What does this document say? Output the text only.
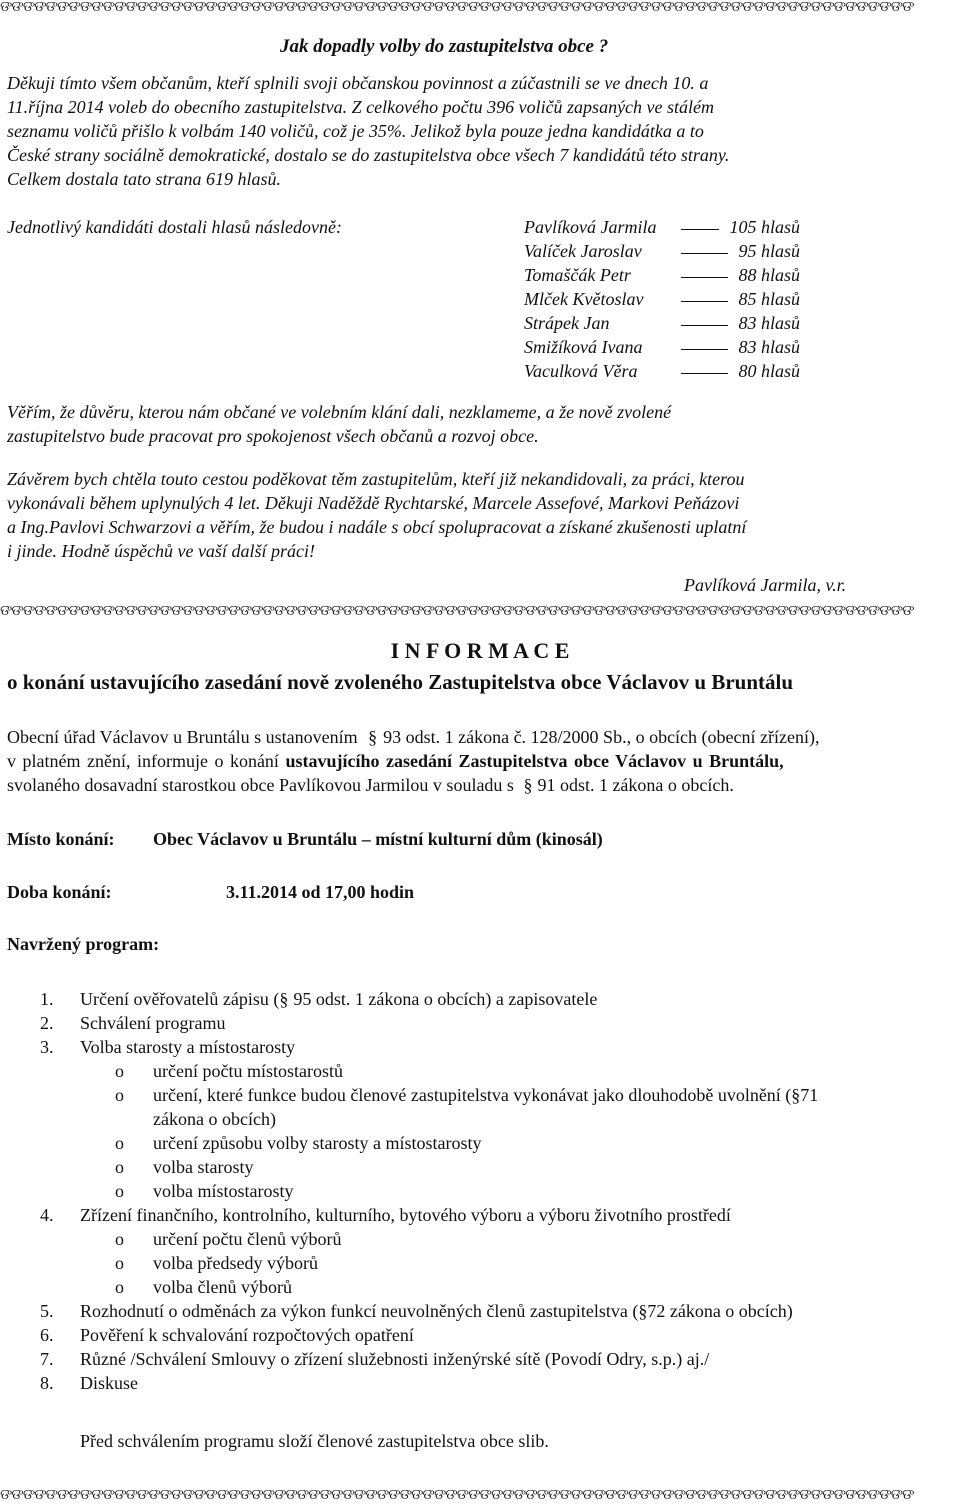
ଙଙଙଙଙଙଙଙଙଙଙଙଙଙଙଙଙଙଙଙଙଙଙଙଙଙଙଙଙଙଙଙଙଙଙଙଙଙଙଙଙଙଙଙଙଙଙଙଙଙଙଙଙଙଙଙଙଙଙଙଙଙଙଙଙଙଙଙଙଙଙଙଙଙଙଙଙଙଙଙ
ଙଙଙଙଙଙଙଙଙଙଙଙଙଙଙଙଙଙଙଙଙଙଙଙଙଙଙଙଙଙଙଙଙଙଙଙଙଙଙଙଙଙଙଙଙଙଙଙଙଙଙଙଙଙଙଙଙଙଙଙଙଙଙଙଙଙଙଙଙଙଙଙଙଙଙଙଙଙଙଙ
ଙଙଙଙଙଙଙଙଙଙଙଙଙଙଙଙଙଙଙଙଙଙଙଙଙଙଙଙଙଙଙଙଙଙଙଙଙଙଙଙଙଙଙଙଙଙଙଙଙଙଙଙଙଙଙଙଙଙଙଙଙଙଙଙଙଙଙଙଙଙଙଙଙଙଙଙଙଙଙଙ
Jak dopadly volby do zastupitelstva obce ?
Děkuji tímto všem občanům, kteří splnili svoji občanskou povinnost a zúčastnili se ve dnech 10. a
11.října 2014 voleb do obecního zastupitelstva. Z celkového počtu 396 voličů zapsaných ve stálém
seznamu voličů přišlo k volbám 140 voličů, což je 35%. Jelikož byla pouze jedna kandidátka a to
České strany sociálně demokratické, dostalo se do zastupitelstva obce všech 7 kandidátů této strany.
Celkem dostala tato strana 619 hlasů.
Jednotlivý kandidáti dostali hlasů následovně:	Pavlíková Jarmila	105 hlasů
Valíček Jaroslav	95 hlasů
Tomaščák Petr	88 hlasů
Mlček Květoslav	85 hlasů
Strápek Jan	83 hlasů
Smižíková Ivana	83 hlasů
Vaculková Věra	80 hlasů
Věřím, že důvěru, kterou nám občané ve volebním klání dali, nezklameme, a že nově zvolené
zastupitelstvo bude pracovat pro spokojenost všech občanů a rozvoj obce.
Závěrem bych chtěla touto cestou poděkovat těm zastupitelům, kteří již nekandidovali, za práci, kterou
vykonávali během uplynulých 4 let. Děkuji Naděždě Rychtarské, Marcele Assefové, Markovi Peňázovi
a Ing.Pavlovi Schwarzovi a věřím, že budou i nadále s obcí spolupracovat a získané zkušenosti uplatní
i jinde. Hodně úspěchů ve vaší další práci!
Pavlíková Jarmila, v.r.
I N F O R M A C E
o konání ustavujícího zasedání nově zvoleného Zastupitelstva obce Václavov u Bruntálu
Obecní úřad Václavov u Bruntálu s ustanovením § 93 odst. 1 zákona č. 128/2000 Sb., o obcích (obecní zřízení),
v platném znění, informuje o konání ustavujícího zasedání Zastupitelstva obce Václavov u Bruntálu,
svolaného dosavadní starostkou obce Pavlíkovou Jarmilou v souladu s § 91 odst. 1 zákona o obcích.
Místo konání: Obec Václavov u Bruntálu – místní kulturní dům (kinosál)
Doba konání:	3.11.2014 od 17,00 hodin
Navržený program:
1.	Určení ověřovatelů zápisu (§ 95 odst. 1 zákona o obcích) a zapisovatele
2.	Schválení programu
3.	Volba starosty a místostarosty
o určení počtu místostarostů
o určení, které funkce budou členové zastupitelstva vykonávat jako dlouhodobě uvolnění (§71
zákona o obcích)
o určení způsobu volby starosty a místostarosty
o volba starosty
o volba místostarosty
4.	Zřízení finančního, kontrolního, kulturního, bytového výboru a výboru životního prostředí
o určení počtu členů výborů
o volba předsedy výborů
o volba členů výborů
5.	Rozhodnutí o odměnách za výkon funkcí neuvolněných členů zastupitelstva (§72 zákona o obcích)
6.	Pověření k schvalování rozpočtových opatření
7.	Různé /Schválení Smlouvy o zřízení služebnosti inženýrské sítě (Povodí Odry, s.p.) aj./
8.	Diskuse
Před schválením programu složí členové zastupitelstva obce slib.
